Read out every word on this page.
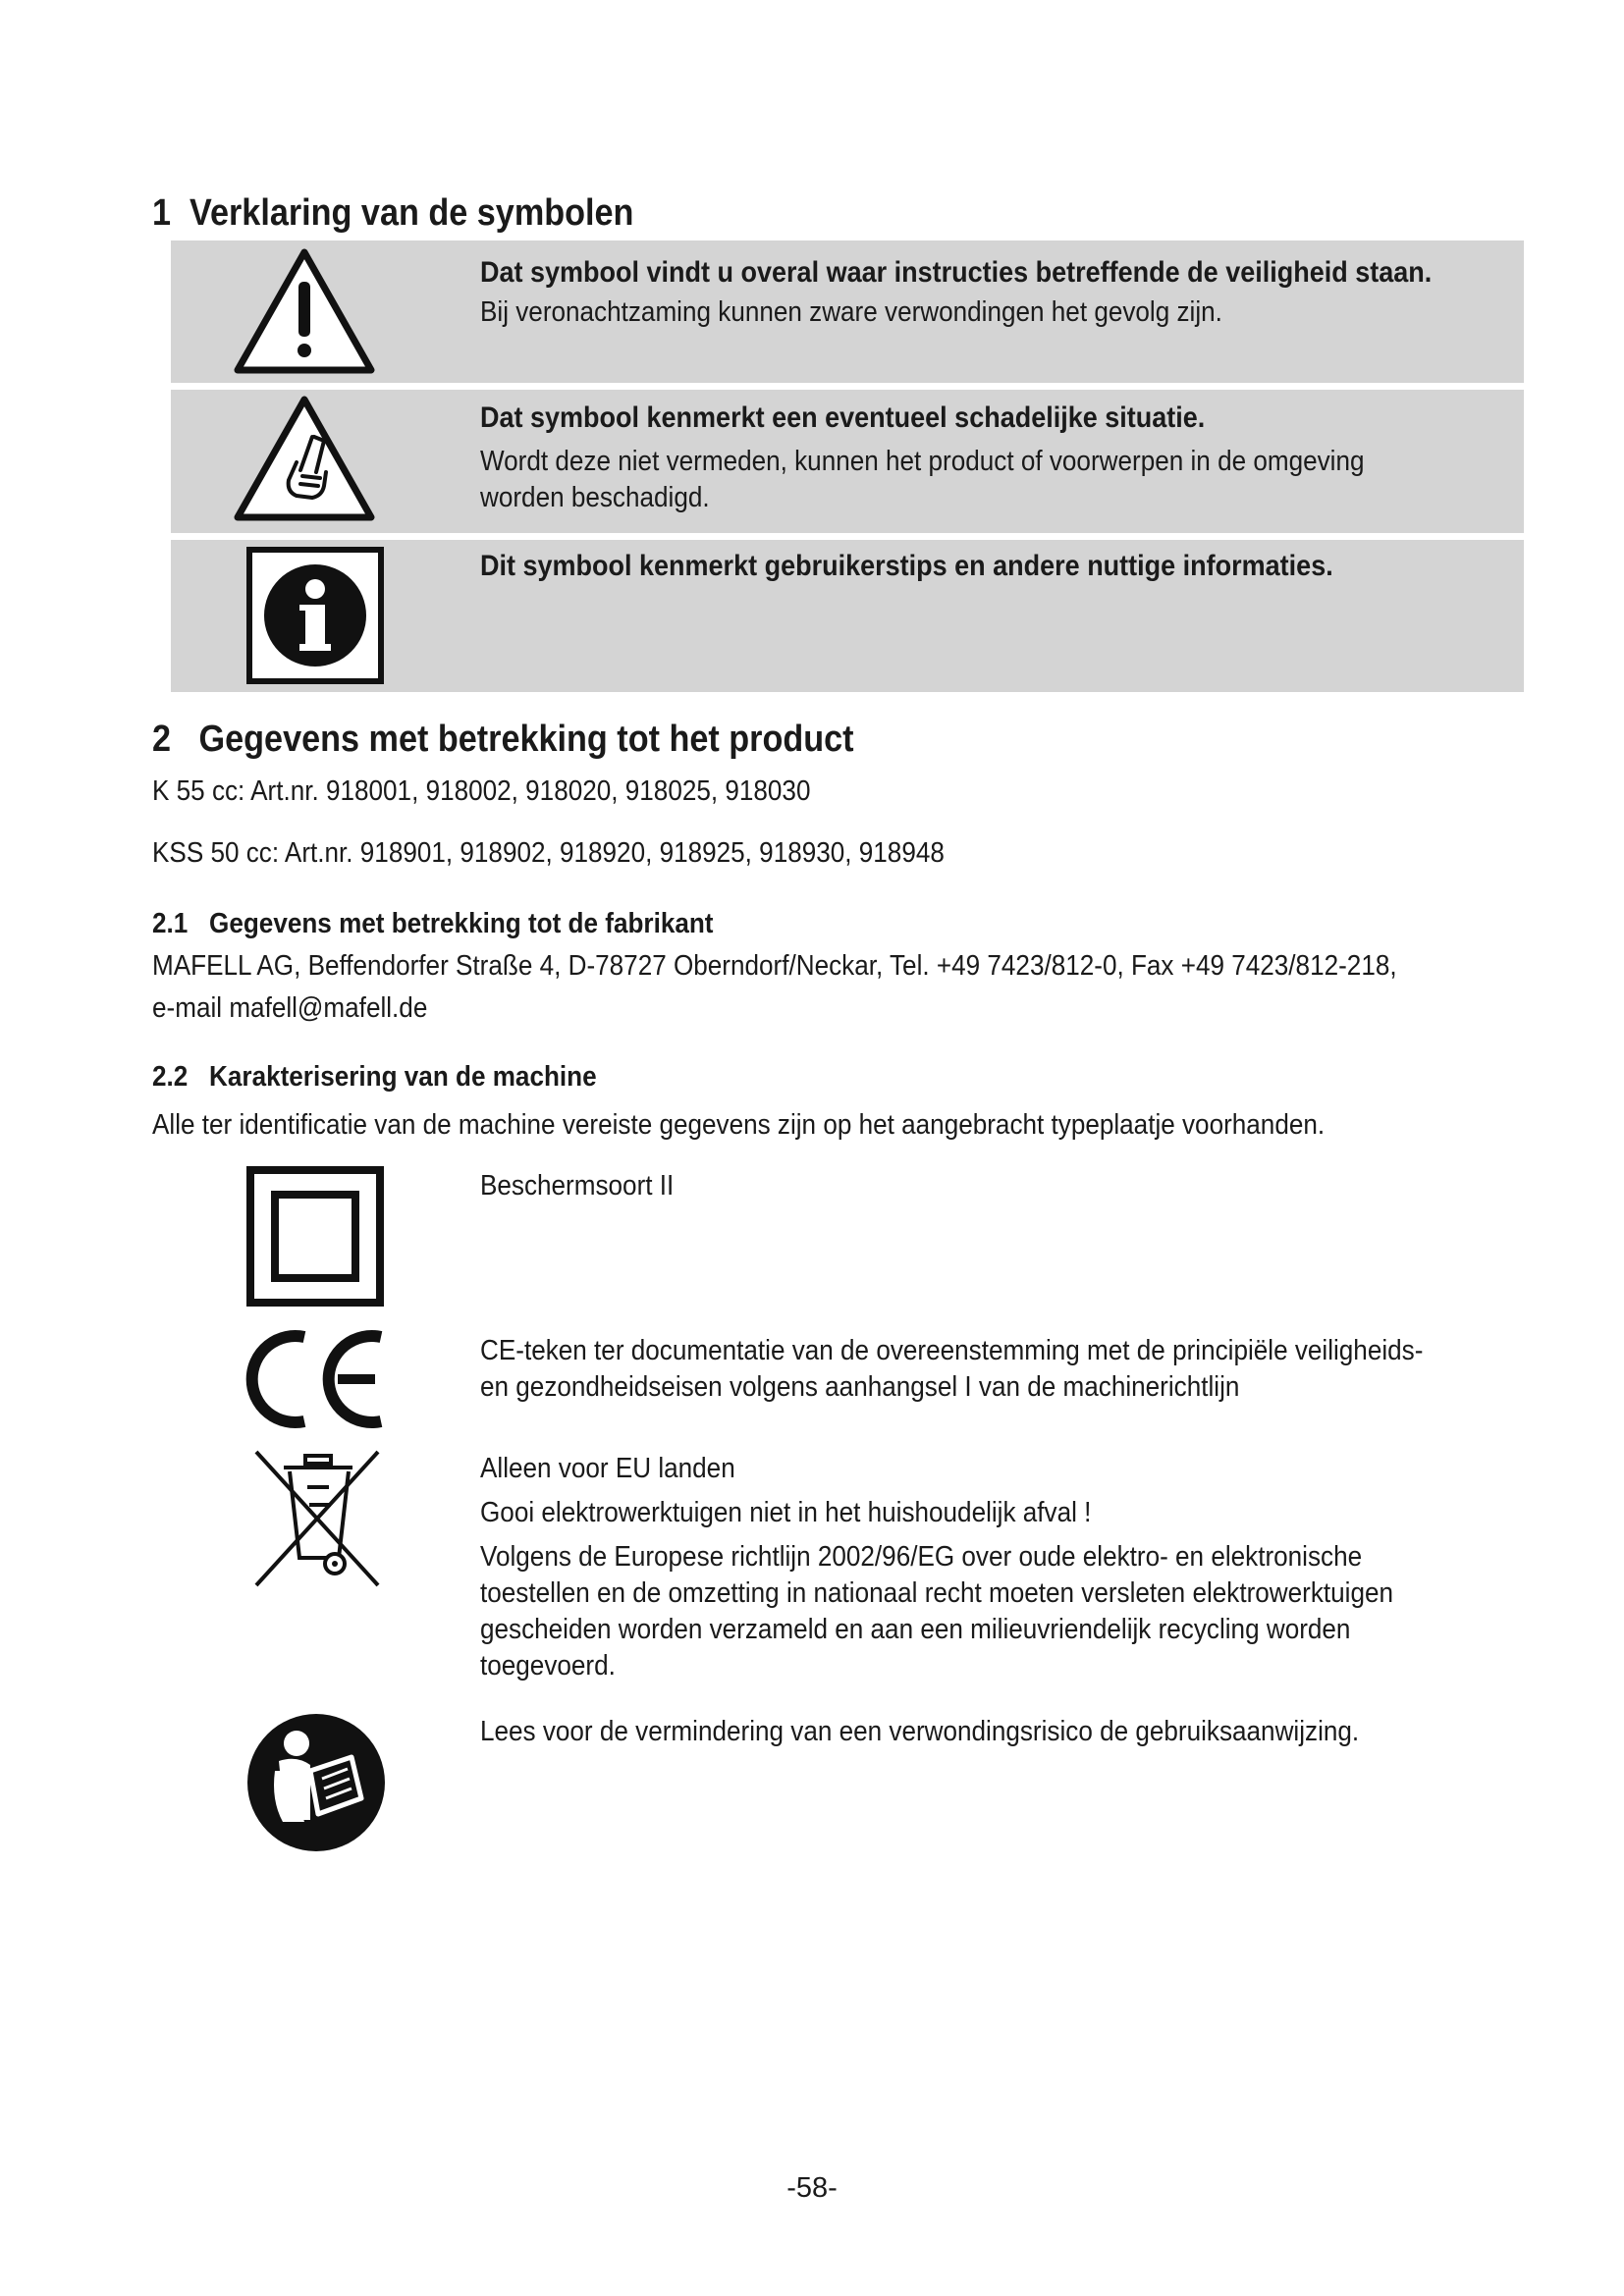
1 Verklaring van de symbolen
Dat symbool vindt u overal waar instructies betreffende de veiligheid staan.

Bij veronachtzaming kunnen zware verwondingen het gevolg zijn.

Dat symbool kenmerkt een eventueel schadelijke situatie.

Wordt deze niet vermeden, kunnen het product of voorwerpen in de omgeving

worden beschadigd.

Dit symbool kenmerkt gebruikerstips en andere nuttige informaties.
2 Gegevens met betrekking tot het product

K 55 cc: Art.nr. 918001, 918002, 918020, 918025, 918030

KSS 50 cc: Art.nr. 918901, 918902, 918920, 918925, 918930, 918948

2.1 Gegevens met betrekking tot de fabrikant

MAFELL AG, Beffendorfer Straße 4, D-78727 Oberndorf/Neckar, Tel. +49 7423/812-0, Fax +49 7423/812-218,

e-mail mafell@mafell.de

2.2 Karakterisering van de machine

Alle ter identificatie van de machine vereiste gegevens zijn op het aangebracht typeplaatje voorhanden.

Beschermsoort II

CE-teken ter documentatie van de overeenstemming met de principiële veiligheids-

en gezondheidseisen volgens aanhangsel I van de machinerichtlijn

Alleen voor EU landen

Gooi elektrowerktuigen niet in het huishoudelijk afval !

Volgens de Europese richtlijn 2002/96/EG over oude elektro- en elektronische

toestellen en de omzetting in nationaal recht moeten versleten elektrowerktuigen

gescheiden worden verzameld en aan een milieuvriendelijk recycling worden

toegevoerd.

Lees voor de vermindering van een verwondingsrisico de gebruiksaanwijzing.

-58-
